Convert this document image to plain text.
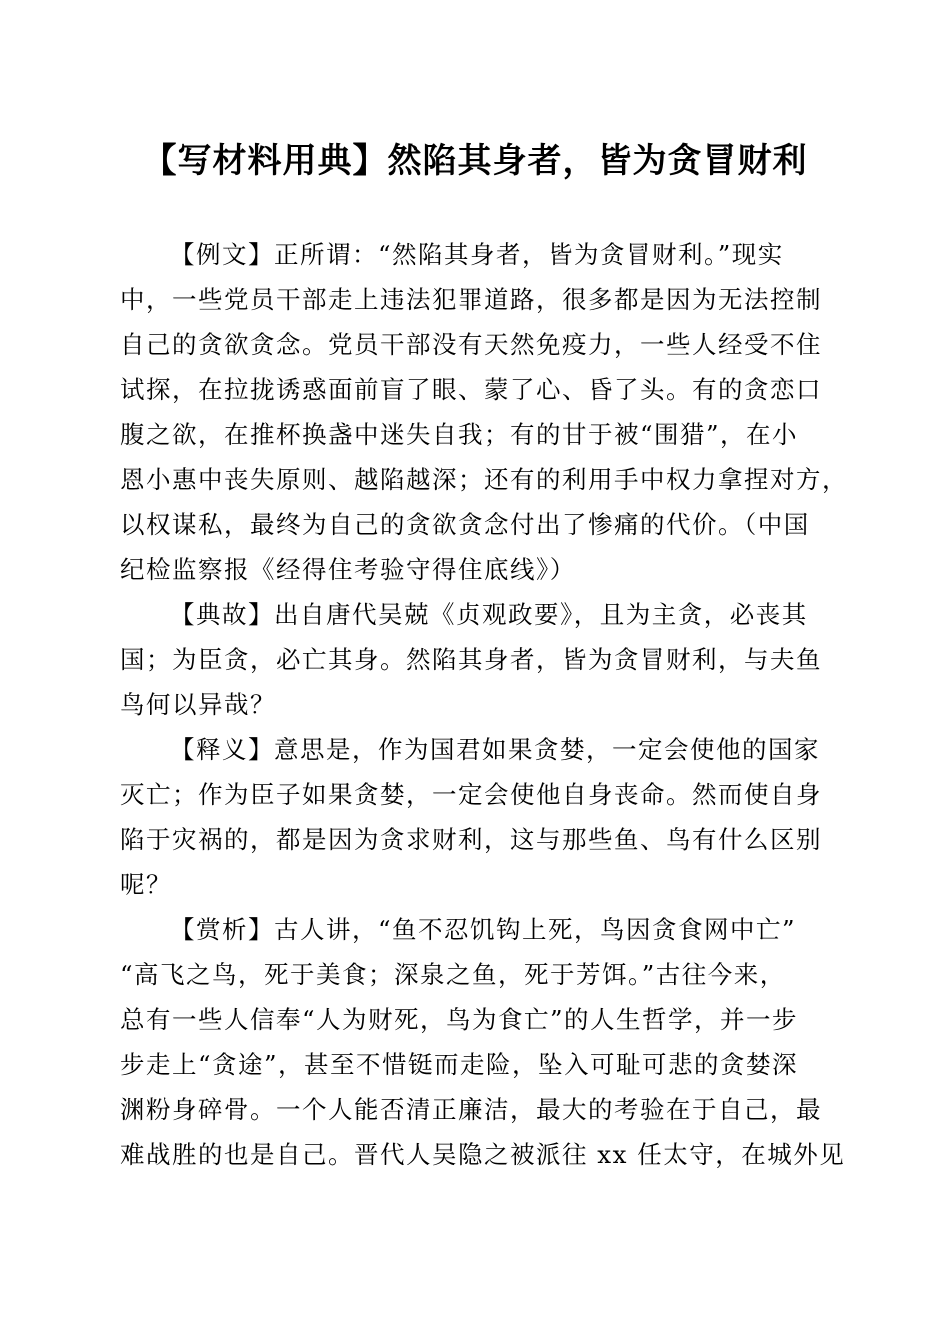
【写材料用典】然陷其身者，皆为贪冒财利
【例文】正所谓：“然陷其身者，皆为贪冒财利。”现实
中，一些党员干部走上违法犯罪道路，很多都是因为无法控制
自己的贪欲贪念。党员干部没有天然免疫力，一些人经受不住
试探，在拉拢诱惑面前盲了眼、蒙了心、昏了头。有的贪恋口
腹之欲，在推杯换盏中迷失自我；有的甘于被“围猎”，在小
恩小惠中丧失原则、越陷越深；还有的利用手中权力拿捏对方，
以权谋私，最终为自己的贪欲贪念付出了惨痛的代价。（中国
纪检监察报《经得住考验守得住底线》）
【典故】出自唐代吴兢《贞观政要》，且为主贪，必丧其
国；为臣贪，必亡其身。然陷其身者，皆为贪冒财利，与夫鱼
鸟何以异哉？
【释义】意思是，作为国君如果贪婪，一定会使他的国家
灭亡；作为臣子如果贪婪，一定会使他自身丧命。然而使自身
陷于灾祸的，都是因为贪求财利，这与那些鱼、鸟有什么区别
呢？
【赏析】古人讲，“鱼不忍饥钩上死，鸟因贪食网中亡”
“高飞之鸟，死于美食；深泉之鱼，死于芳饵。”古往今来，
总有一些人信奉“人为财死，鸟为食亡”的人生哲学，并一步
步走上“贪途”，甚至不惜铤而走险，坠入可耻可悲的贪婪深
渊粉身碎骨。一个人能否清正廉洁，最大的考验在于自己，最
难战胜的也是自己。晋代人吴隐之被派往 xx 任太守，在城外见
